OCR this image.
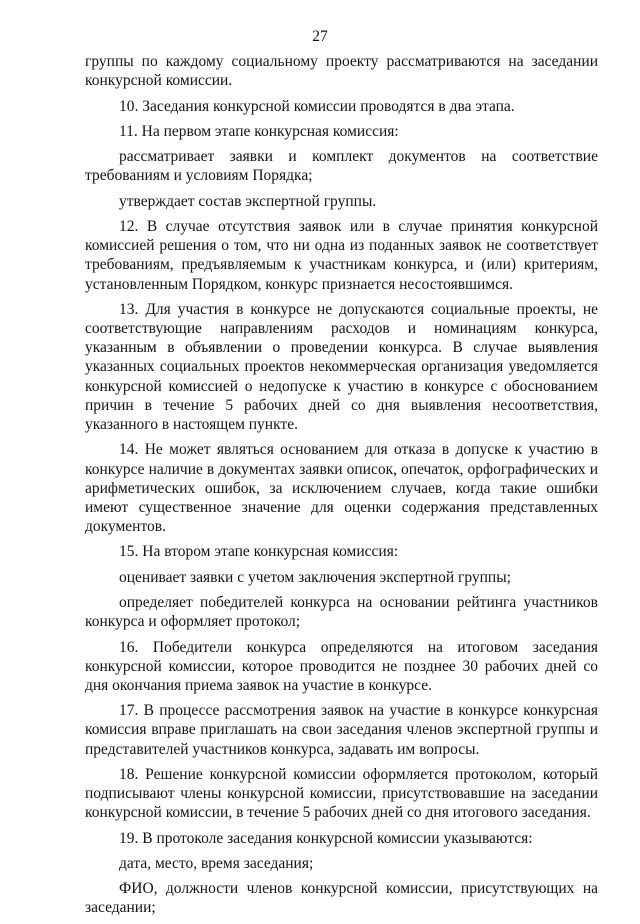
27

группы по каждому социальному проекту рассматриваются на заседании конкурсной комиссии.

10. Заседания конкурсной комиссии проводятся в два этапа.

11. На первом этапе конкурсная комиссия:

рассматривает заявки и комплект документов на соответствие требованиям и условиям Порядка;

утверждает состав экспертной группы.

12. В случае отсутствия заявок или в случае принятия конкурсной комиссией решения о том, что ни одна из поданных заявок не соответствует требованиям, предъявляемым к участникам конкурса, и (или) критериям, установленным Порядком, конкурс признается несостоявшимся.

13. Для участия в конкурсе не допускаются социальные проекты, не соответствующие направлениям расходов и номинациям конкурса, указанным в объявлении о проведении конкурса. В случае выявления указанных социальных проектов некоммерческая организация уведомляется конкурсной комиссией о недопуске к участию в конкурсе с обоснованием причин в течение 5 рабочих дней со дня выявления несоответствия, указанного в настоящем пункте.

14. Не может являться основанием для отказа в допуске к участию в конкурсе наличие в документах заявки описок, опечаток, орфографических и арифметических ошибок, за исключением случаев, когда такие ошибки имеют существенное значение для оценки содержания представленных документов.

15. На втором этапе конкурсная комиссия:

оценивает заявки с учетом заключения экспертной группы;

определяет победителей конкурса на основании рейтинга участников конкурса и оформляет протокол;

16. Победители конкурса определяются на итоговом заседания конкурсной комиссии, которое проводится не позднее 30 рабочих дней со дня окончания приема заявок на участие в конкурсе.

17. В процессе рассмотрения заявок на участие в конкурсе конкурсная комиссия вправе приглашать на свои заседания членов экспертной группы и представителей участников конкурса, задавать им вопросы.

18. Решение конкурсной комиссии оформляется протоколом, который подписывают члены конкурсной комиссии, присутствовавшие на заседании конкурсной комиссии, в течение 5 рабочих дней со дня итогового заседания.

19. В протоколе заседания конкурсной комиссии указываются:

дата, место, время заседания;

ФИО, должности членов конкурсной комиссии, присутствующих на заседании;
